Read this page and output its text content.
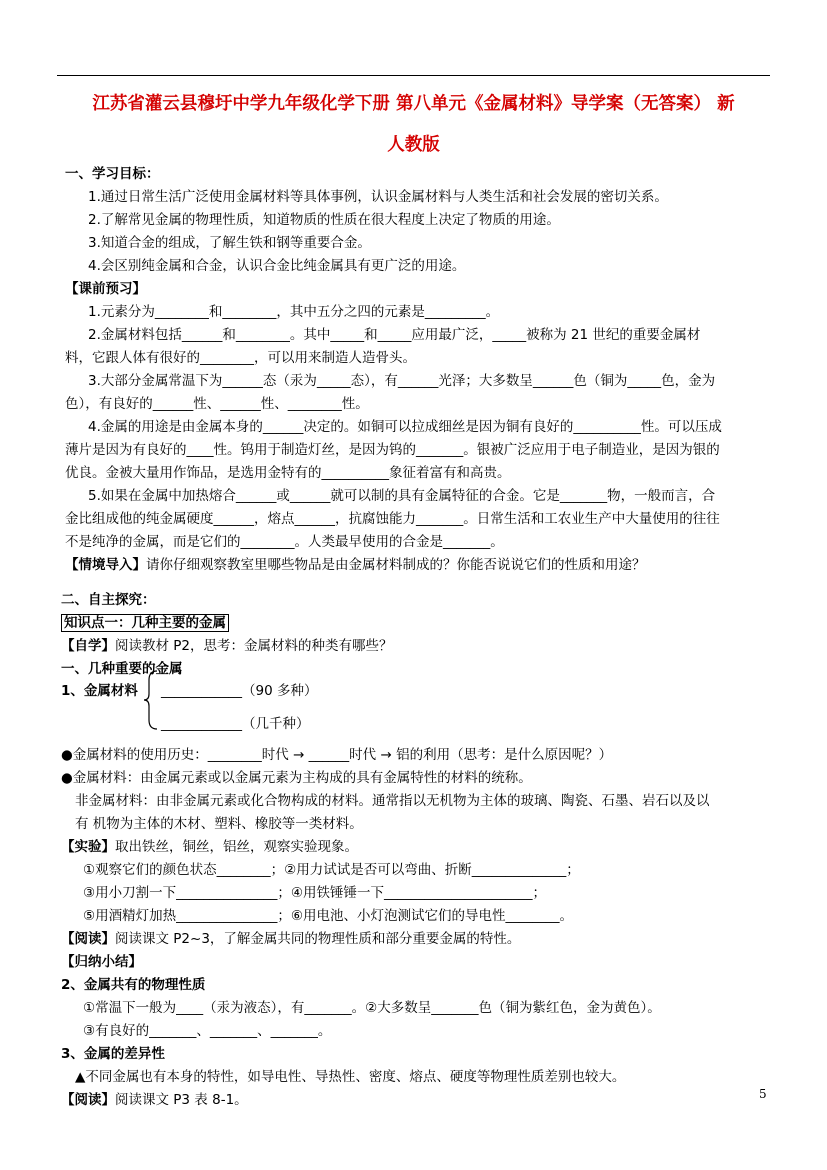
江苏省灌云县穆圩中学九年级化学下册 第八单元《金属材料》导学案（无答案） 新
人教版
一、学习目标：
1.通过日常生活广泛使用金属材料等具体事例，认识金属材料与人类生活和社会发展的密切关系。
2.了解常见金属的物理性质，知道物质的性质在很大程度上决定了物质的用途。
3.知道合金的组成，了解生铁和钢等重要合金。
4.会区别纯金属和合金，认识合金比纯金属具有更广泛的用途。
【课前预习】
1.元素分为________和________，其中五分之四的元素是_________。
2.金属材料包括______和________。其中_____和_____应用最广泛，_____被称为 21 世纪的重要金属材
料，它跟人体有很好的________，可以用来制造人造骨头。
3.大部分金属常温下为______态（汞为_____态），有______光泽；大多数呈______色（铜为_____色，金为
色），有良好的______性、______性、________性。
4.金属的用途是由金属本身的______决定的。如铜可以拉成细丝是因为铜有良好的__________性。可以压成
薄片是因为有良好的____性。钨用于制造灯丝，是因为钨的_______。银被广泛应用于电子制造业，是因为银的
优良。金被大量用作饰品，是选用金特有的__________象征着富有和高贵。
5.如果在金属中加热熔合______或______就可以制的具有金属特征的合金。它是_______物，一般而言，合
金比组成他的纯金属硬度______，熔点______，抗腐蚀能力_______。日常生活和工农业生产中大量使用的往往
不是纯净的金属，而是它们的________。人类最早使用的合金是_______。
【情境导入】请你仔细观察教室里哪些物品是由金属材料制成的？你能否说说它们的性质和用途？
二、自主探究：
知识点一：几种主要的金属
【自学】阅读教材 P2，思考：金属材料的种类有哪些？
一、几种重要的金属
1、金属材料 ____________（90 多种）
____________（几千种）
●金属材料的使用历史：________时代 → ______时代 → 铝的利用（思考：是什么原因呢？）
●金属材料：由金属元素或以金属元素为主构成的具有金属特性的材料的统称。
非金属材料：由非金属元素或化合物构成的材料。通常指以无机物为主体的玻璃、陶瓷、石墨、岩石以及以
有 机物为主体的木材、塑料、橡胶等一类材料。
【实验】取出铁丝，铜丝，铝丝，观察实验现象。
①观察它们的颜色状态________；②用力试试是否可以弯曲、折断______________；
③用小刀割一下_______________；④用铁锤锤一下______________________；
⑤用酒精灯加热_______________；⑥用电池、小灯泡测试它们的导电性________。
【阅读】阅读课文 P2~3，了解金属共同的物理性质和部分重要金属的特性。
【归纳小结】
2、金属共有的物理性质
①常温下一般为____（汞为液态），有_______。②大多数呈_______色（铜为紫红色，金为黄色）。
③有良好的_______、_______、_______。
3、金属的差异性
▲不同金属也有本身的特性，如导电性、导热性、密度、熔点、硬度等物理性质差别也较大。
【阅读】阅读课文 P3 表 8-1。	5
